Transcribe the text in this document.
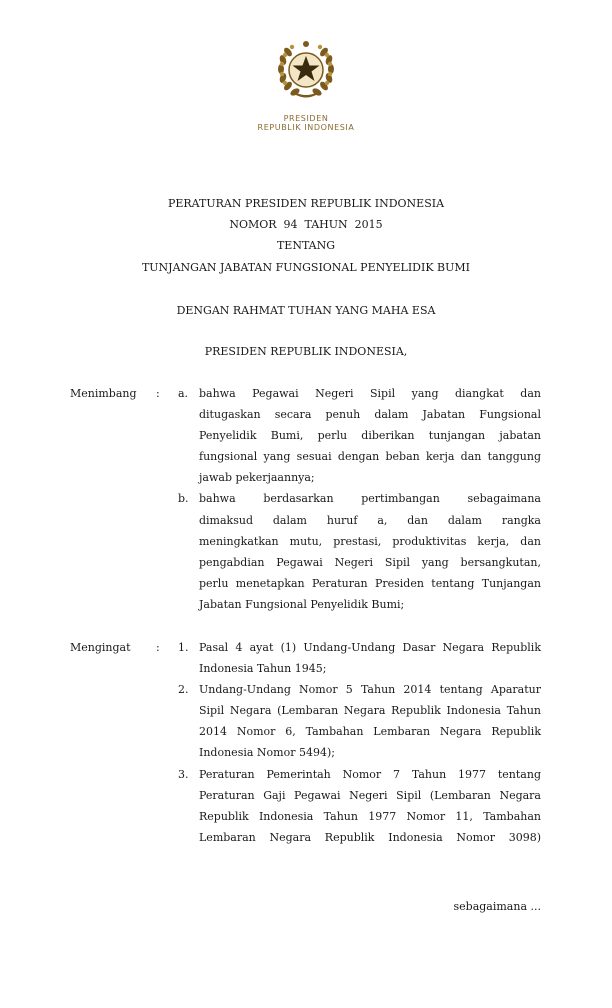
PRESIDEN
REPUBLIK INDONESIA
PERATURAN PRESIDEN REPUBLIK INDONESIA
NOMOR  94  TAHUN  2015
TENTANG
TUNJANGAN JABATAN FUNGSIONAL PENYELIDIK BUMI
DENGAN RAHMAT TUHAN YANG MAHA ESA
PRESIDEN REPUBLIK INDONESIA,
Menimbang : a. bahwa Pegawai Negeri Sipil yang diangkat dan
ditugaskan secara penuh dalam Jabatan Fungsional
Penyelidik Bumi, perlu diberikan tunjangan jabatan
fungsional yang sesuai dengan beban kerja dan tanggung
jawab pekerjaannya;
b. bahwa berdasarkan pertimbangan sebagaimana
dimaksud dalam huruf a, dan dalam rangka
meningkatkan mutu, prestasi, produktivitas kerja, dan
pengabdian Pegawai Negeri Sipil yang bersangkutan,
perlu menetapkan Peraturan Presiden tentang Tunjangan
Jabatan Fungsional Penyelidik Bumi;
Mengingat : 1. Pasal 4 ayat (1) Undang-Undang Dasar Negara Republik
Indonesia Tahun 1945;
2. Undang-Undang Nomor 5 Tahun 2014 tentang Aparatur
Sipil Negara (Lembaran Negara Republik Indonesia Tahun
2014 Nomor 6, Tambahan Lembaran Negara Republik
Indonesia Nomor 5494);
3. Peraturan Pemerintah Nomor 7 Tahun 1977 tentang
Peraturan Gaji Pegawai Negeri Sipil (Lembaran Negara
Republik Indonesia Tahun 1977 Nomor 11, Tambahan
Lembaran Negara Republik Indonesia Nomor 3098)
sebagaimana ...
